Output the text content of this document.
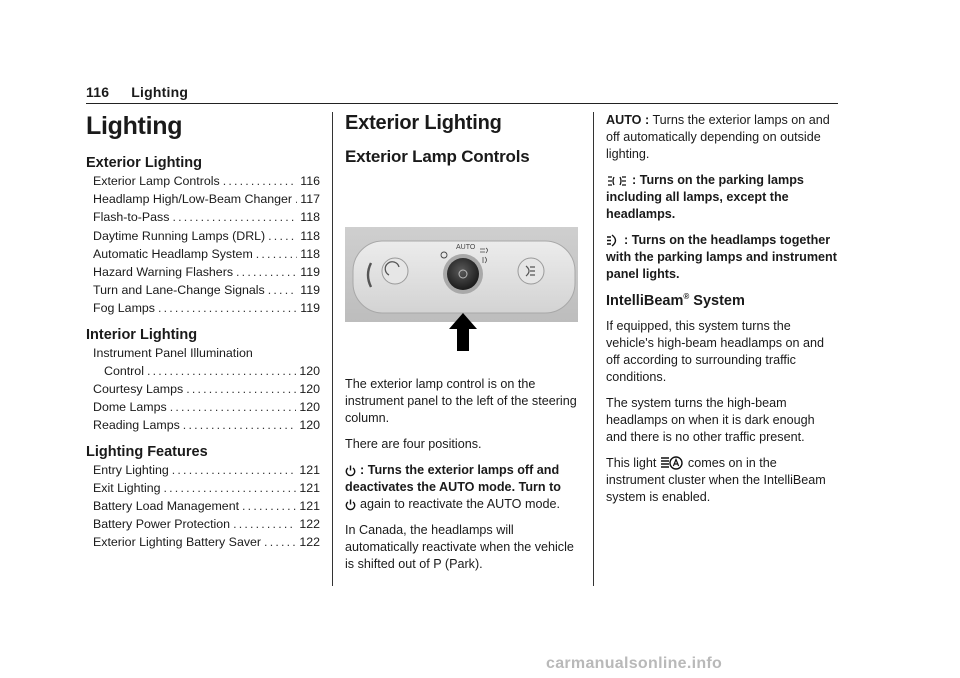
116 Lighting
Lighting
Exterior Lighting
Exterior Lamp Controls .....	116
Headlamp High/Low-Beam Changer ..... 117
Flash-to-Pass .....	118
Daytime Running Lamps (DRL) .....	118
Automatic Headlamp System .....	118
Hazard Warning Flashers .....	119
Turn and Lane-Change Signals .....	119
Fog Lamps .....	119
Interior Lighting
Instrument Panel Illumination
Control .....	120
Courtesy Lamps .....	120
Dome Lamps .....	120
Reading Lamps .....	120
Lighting Features
Entry Lighting .....	121
Exit Lighting .....	121
Battery Load Management .....	121
Battery Power Protection .....	122
Exterior Lighting Battery Saver .....	122
Exterior Lighting
Exterior Lamp Controls
AUTO

The exterior lamp control is on the instrument panel to the left of the steering column.

There are four positions.

: Turns the exterior lamps off and deactivates the AUTO mode. Turn to again to reactivate the AUTO mode.

In Canada, the headlamps will automatically reactivate when the vehicle is shifted out of P (Park).

AUTO : Turns the exterior lamps on and off automatically depending on outside lighting.

: Turns on the parking lamps including all lamps, except the headlamps.

: Turns on the headlamps together with the parking lamps and instrument panel lights.

IntelliBeam® System

If equipped, this system turns the vehicle's high-beam headlamps on and off according to surrounding traffic conditions.

The system turns the high-beam headlamps on when it is dark enough and there is no other traffic present.

This light	comes on in the instrument cluster when the IntelliBeam system is enabled.

carmanualsonline.info
